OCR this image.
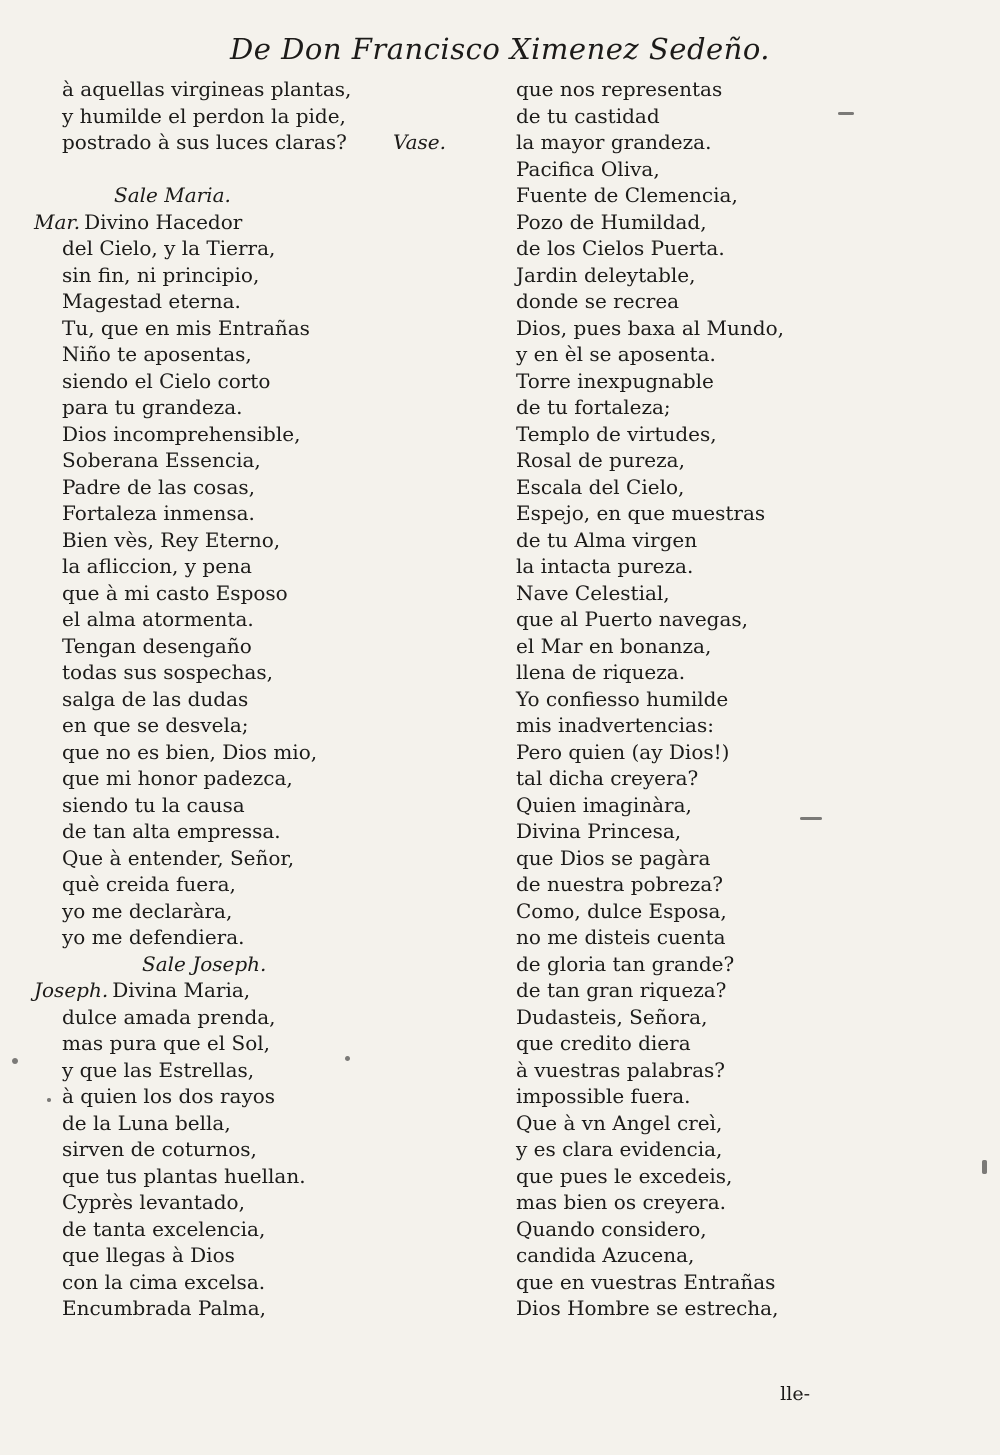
De Don Francisco Ximenez Sedeño.
à aquellas virgineas plantas,
y humilde el perdon la pide,
postrado à sus luces claras? Vase.
Sale Maria.
Mar. Divino Hacedor
del Cielo, y la Tierra,
sin fin, ni principio,
Magestad eterna.
Tu, que en mis Entrañas
Niño te aposentas,
siendo el Cielo corto
para tu grandeza.
Dios incomprehensible,
Soberana Essencia,
Padre de las cosas,
Fortaleza inmensa.
Bien vès, Rey Eterno,
la afliccion, y pena
que à mi casto Esposo
el alma atormenta.
Tengan desengaño
todas sus sospechas,
salga de las dudas
en que se desvela;
que no es bien, Dios mio,
que mi honor padezca,
siendo tu la causa
de tan alta empressa.
Que à entender, Señor,
què creida fuera,
yo me declaràra,
yo me defendiera.
Sale Joseph.
Joseph. Divina Maria,
dulce amada prenda,
mas pura que el Sol,
y que las Estrellas,
à quien los dos rayos
de la Luna bella,
sirven de coturnos,
que tus plantas huellan.
Cyprès levantado,
de tanta excelencia,
que llegas à Dios
con la cima excelsa.
Encumbrada Palma,
que nos representas
de tu castidad
la mayor grandeza.
Pacifica Oliva,
Fuente de Clemencia,
Pozo de Humildad,
de los Cielos Puerta.
Jardin deleytable,
donde se recrea
Dios, pues baxa al Mundo,
y en èl se aposenta.
Torre inexpugnable
de tu fortaleza;
Templo de virtudes,
Rosal de pureza,
Escala del Cielo,
Espejo, en que muestras
de tu Alma virgen
la intacta pureza.
Nave Celestial,
que al Puerto navegas,
el Mar en bonanza,
llena de riqueza.
Yo confiesso humilde
mis inadvertencias:
Pero quien (ay Dios!)
tal dicha creyera?
Quien imaginàra,
Divina Princesa,
que Dios se pagàra
de nuestra pobreza?
Como, dulce Esposa,
no me disteis cuenta
de gloria tan grande?
de tan gran riqueza?
Dudasteis, Señora,
que credito diera
à vuestras palabras?
impossible fuera.
Que à vn Angel creì,
y es clara evidencia,
que pues le excedeis,
mas bien os creyera.
Quando considero,
candida Azucena,
que en vuestras Entrañas
Dios Hombre se estrecha,
lle-
